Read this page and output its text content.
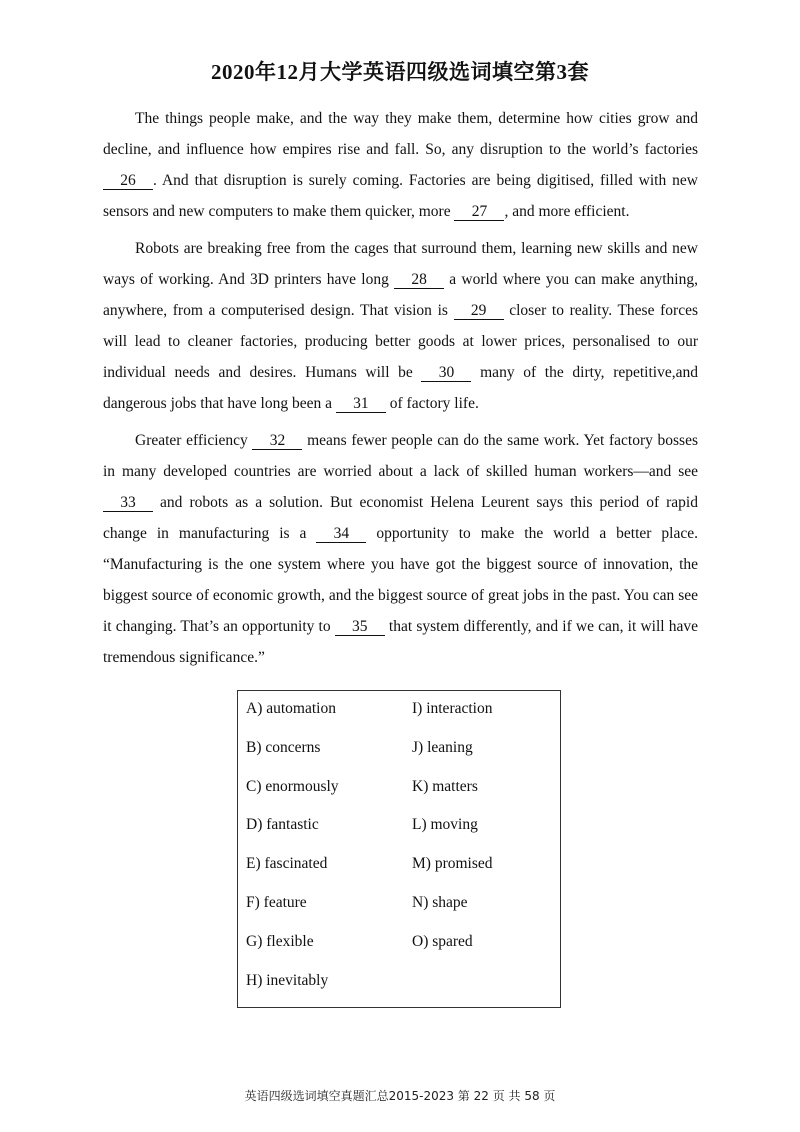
2020年12月大学英语四级选词填空第3套

The things people make, and the way they make them, determine how cities grow and decline, and influence how empires rise and fall. So, any disruption to the world’s factories 26 . And that disruption is surely coming. Factories are being digitised, filled with new sensors and new computers to make them quicker, more 27 , and more efficient.

Robots are breaking free from the cages that surround them, learning new skills and new ways of working. And 3D printers have long 28 a world where you can make anything, anywhere, from a computerised design. That vision is 29 closer to reality. These forces will lead to cleaner factories, producing better goods at lower prices, personalised to our individual needs and desires. Humans will be 30 many of the dirty, repetitive,and dangerous jobs that have long been a 31 of factory life.

Greater efficiency 32 means fewer people can do the same work. Yet factory bosses in many developed countries are worried about a lack of skilled human workers—and see 33 and robots as a solution. But economist Helena Leurent says this period of rapid change in manufacturing is a 34 opportunity to make the world a better place. “Manufacturing is the one system where you have got the biggest source of innovation, the biggest source of economic growth, and the biggest source of great jobs in the past. You can see it changing. That’s an opportunity to 35 that system differently, and if we can, it will have tremendous significance.”

A) automation
B) concerns
C) enormously
D) fantastic
E) fascinated
F) feature
G) flexible
H) inevitably
I) interaction
J) leaning
K) matters
L) moving
M) promised
N) shape
O) spared
英语四级选词填空真题汇总2015-2023 第 22 页 共 58 页
